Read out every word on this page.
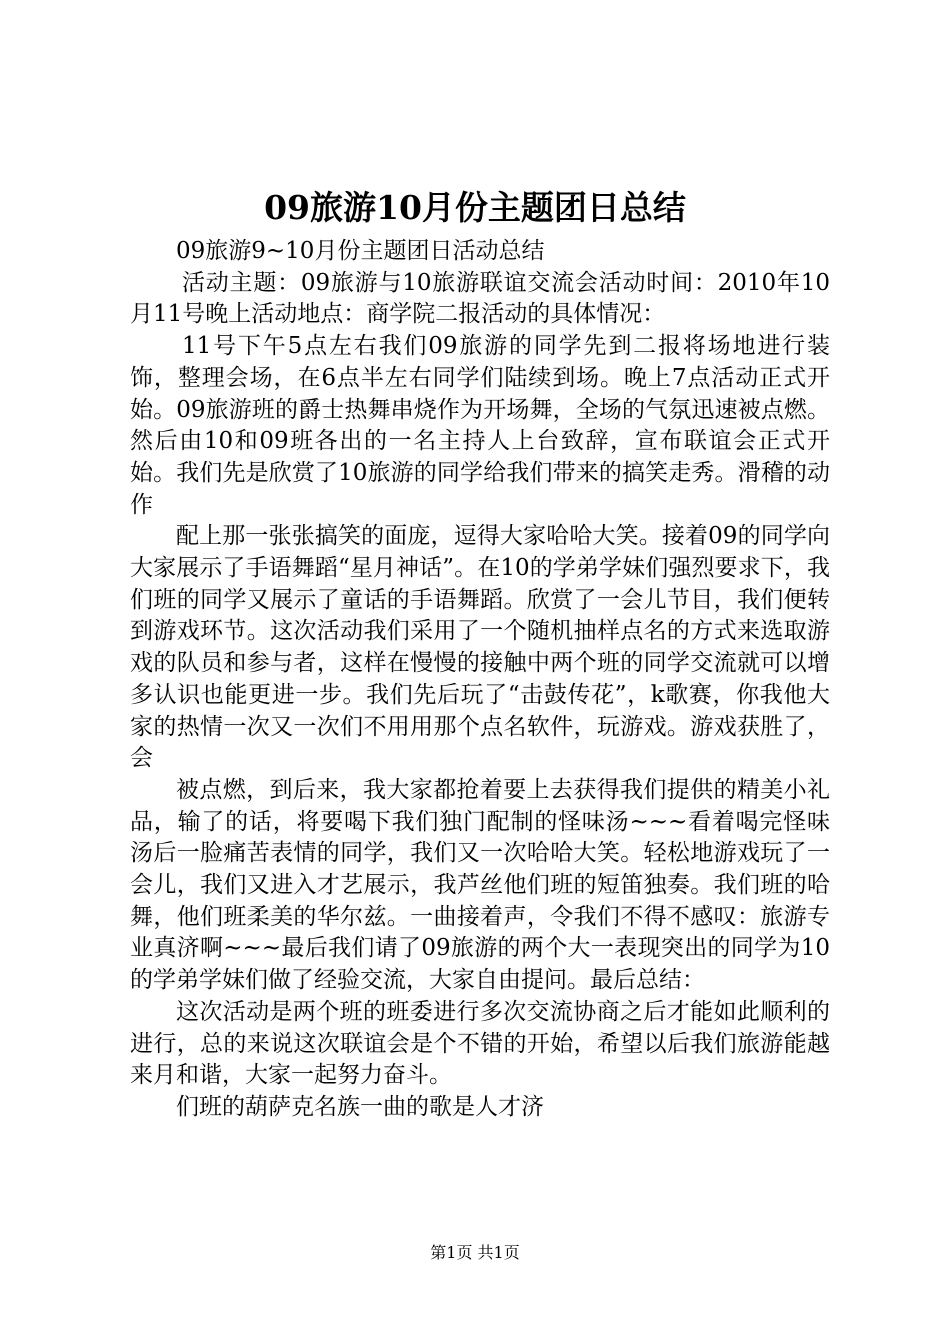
09旅游10月份主题团日总结

09旅游9~10月份主题团日活动总结

活动主题：09旅游与10旅游联谊交流会活动时间：2010年10月11号晚上活动地点：商学院二报活动的具体情况：

11号下午5点左右我们09旅游的同学先到二报将场地进行装饰，整理会场，在6点半左右同学们陆续到场。晚上7点活动正式开始。09旅游班的爵士热舞串烧作为开场舞，全场的气氛迅速被点燃。然后由10和09班各出的一名主持人上台致辞，宣布联谊会正式开始。我们先是欣赏了10旅游的同学给我们带来的搞笑走秀。滑稽的动作

配上那一张张搞笑的面庞，逗得大家哈哈大笑。接着09的同学向大家展示了手语舞蹈“星月神话”。在10的学弟学妹们强烈要求下，我们班的同学又展示了童话的手语舞蹈。欣赏了一会儿节目，我们便转到游戏环节。这次活动我们采用了一个随机抽样点名的方式来选取游戏的队员和参与者，这样在慢慢的接触中两个班的同学交流就可以增多认识也能更进一步。我们先后玩了“击鼓传花”，k歌赛，你我他大家的热情一次又一次们不用用那个点名软件，玩游戏。游戏获胜了，会

被点燃，到后来，我大家都抢着要上去获得我们提供的精美小礼品，输了的话，将要喝下我们独门配制的怪味汤~~~看着喝完怪味汤后一脸痛苦表情的同学，我们又一次哈哈大笑。轻松地游戏玩了一会儿，我们又进入才艺展示，我芦丝他们班的短笛独奏。我们班的哈舞，他们班柔美的华尔兹。一曲接着声，令我们不得不感叹：旅游专业真济啊~~~最后我们请了09旅游的两个大一表现突出的同学为10的学弟学妹们做了经验交流，大家自由提问。最后总结：

这次活动是两个班的班委进行多次交流协商之后才能如此顺利的进行，总的来说这次联谊会是个不错的开始，希望以后我们旅游能越来月和谐，大家一起努力奋斗。

们班的葫萨克名族一曲的歌是人才济

第1页 共1页
